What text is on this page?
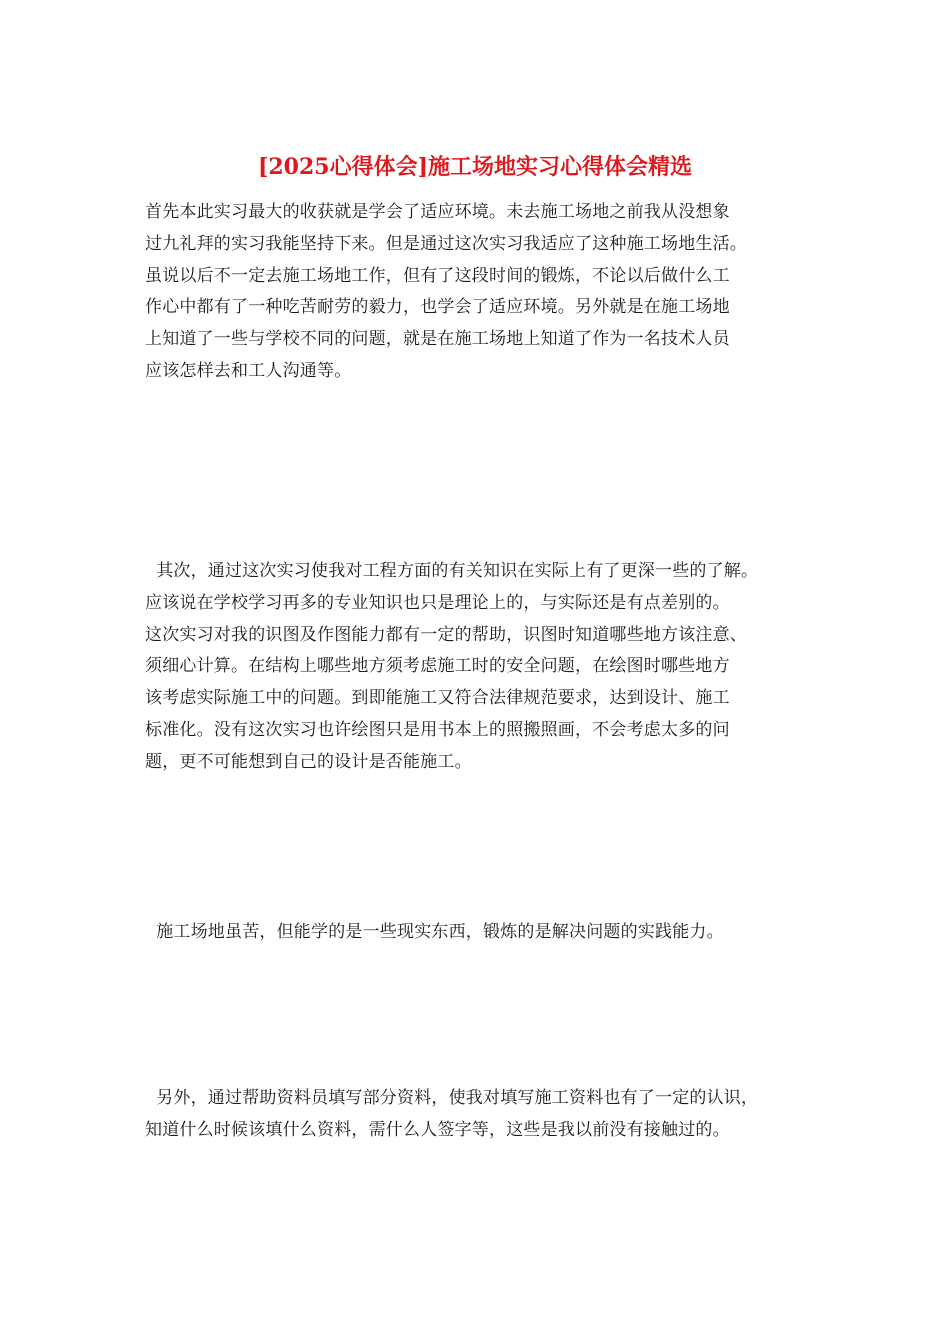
[2025心得体会]施工场地实习心得体会精选
首先本此实习最大的收获就是学会了适应环境。未去施工场地之前我从没想象
过九礼拜的实习我能坚持下来。但是通过这次实习我适应了这种施工场地生活。
虽说以后不一定去施工场地工作，但有了这段时间的锻炼，不论以后做什么工
作心中都有了一种吃苦耐劳的毅力，也学会了适应环境。另外就是在施工场地
上知道了一些与学校不同的问题，就是在施工场地上知道了作为一名技术人员
应该怎样去和工人沟通等。
其次，通过这次实习使我对工程方面的有关知识在实际上有了更深一些的了解。
应该说在学校学习再多的专业知识也只是理论上的，与实际还是有点差别的。
这次实习对我的识图及作图能力都有一定的帮助，识图时知道哪些地方该注意、
须细心计算。在结构上哪些地方须考虑施工时的安全问题，在绘图时哪些地方
该考虑实际施工中的问题。到即能施工又符合法律规范要求，达到设计、施工
标准化。没有这次实习也许绘图只是用书本上的照搬照画，不会考虑太多的问
题，更不可能想到自己的设计是否能施工。
施工场地虽苦，但能学的是一些现实东西，锻炼的是解决问题的实践能力。
另外，通过帮助资料员填写部分资料，使我对填写施工资料也有了一定的认识，
知道什么时候该填什么资料，需什么人签字等，这些是我以前没有接触过的。
